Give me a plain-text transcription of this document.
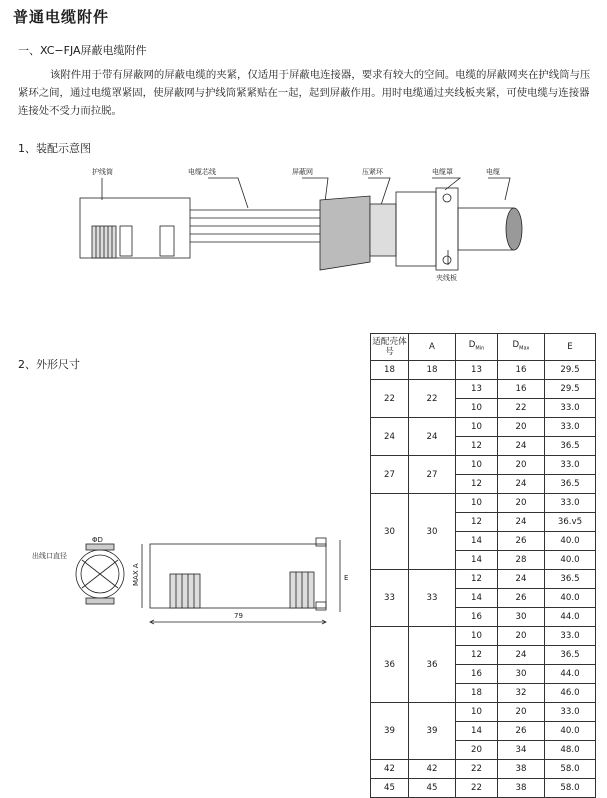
普通电缆附件
一、XC−FJA屏蔽电缆附件

该附件用于带有屏蔽网的屏蔽电缆的夹紧，仅适用于屏蔽电连接器，要求有较大的空间。电缆的屏蔽网夹在护线筒与压紧环之间，通过电缆罩紧固，使屏蔽网与护线筒紧紧贴在一起，起到屏蔽作用。用时电缆通过夹线板夹紧，可使电缆与连接器连接处不受力而拉脱。

1、装配示意图
护线筒	电缆芯线	屏蔽网	压紧环	电缆罩	电缆
夹线板
2、外形尺寸
ΦD
出线口直径
MAX A	E
79
适配壳体号	A	$D_{Min}$	$D_{Max}$	E
18	18	13	16	29.5
22	22	13	16	29.5
		10	22	33.0
24	24	10	20	33.0
		12	24	36.5
27	27	10	20	33.0
		12	24	36.5
30	30	10	20	33.0
		12	24	36.v5
		14	26	40.0
		14	28	40.0
33	33	12	24	36.5
		14	26	40.0
		16	30	44.0
36	36	10	20	33.0
		12	24	36.5
		16	30	44.0
		18	32	46.0
39	39	10	20	33.0
		14	26	40.0
		20	34	48.0
42	42	22	38	58.0
45	45	22	38	58.0
